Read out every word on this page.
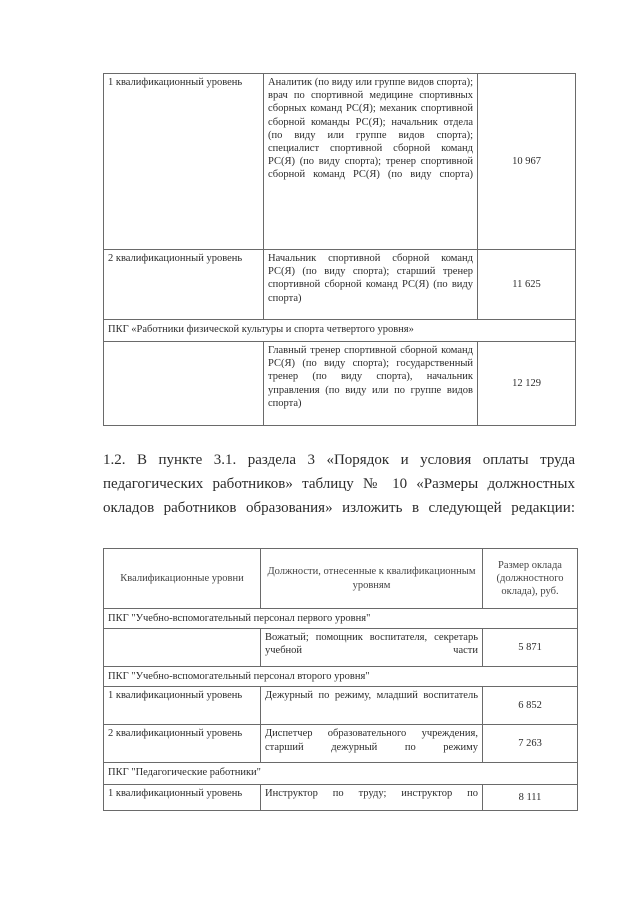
1 квалификационный уровень	Аналитик (по виду или группе видов спорта); врач по спортивной медицине спортивных сборных команд РС(Я); механик спортивной сборной команды РС(Я); начальник отдела (по виду или группе видов спорта); специалист спортивной сборной команд РС(Я) (по виду спорта); тренер спортивной сборной команд РС(Я) (по виду спорта)	10 967
2 квалификационный уровень	Начальник спортивной сборной команд РС(Я) (по виду спорта); старший тренер спортивной сборной команд РС(Я) (по виду спорта)	11 625
ПКГ «Работники физической культуры и спорта четвертого уровня»		
	Главный тренер спортивной сборной команд РС(Я) (по виду спорта); государственный тренер (по виду спорта), начальник управления (по виду или по группе видов спорта)	12 129
1.2. В пункте 3.1. раздела 3 «Порядок и условия оплаты труда педагогических работников» таблицу № 10 «Размеры должностных окладов работников образования» изложить в следующей редакции:
Квалификационные уровни	Должности, отнесенные к квалификационным уровням	Размер оклада (должностного оклада), руб.
ПКГ "Учебно-вспомогательный персонал первого уровня"		
	Вожатый; помощник воспитателя, секретарь учебной части	5 871
ПКГ "Учебно-вспомогательный персонал второго уровня"		
1 квалификационный уровень	Дежурный по режиму, младший воспитатель	6 852
2 квалификационный уровень	Диспетчер образовательного учреждения, старший дежурный по режиму	7 263
ПКГ "Педагогические работники"		
1 квалификационный уровень	Инструктор по труду; инструктор по	8 111
